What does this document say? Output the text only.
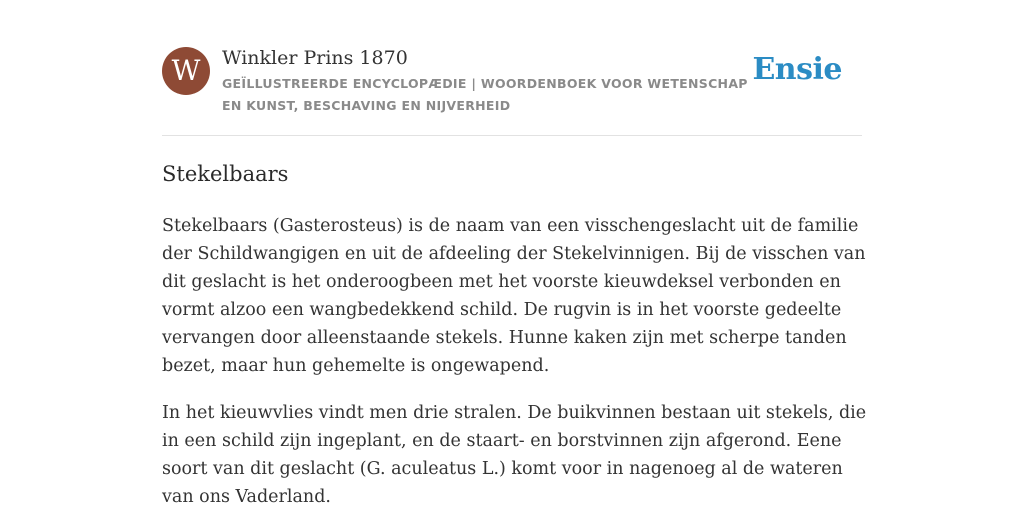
W	Winkler Prins 1870
GEÏLLUSTREERDE ENCYCLOPÆDIE | WOORDENBOEK VOOR WETENSCHAP EN KUNST, BESCHAVING EN NIJVERHEID
Ensie
Stekelbaars

Stekelbaars (Gasterosteus) is de naam van een visschengeslacht uit de familie der Schildwangigen en uit de afdeeling der Stekelvinnigen. Bij de visschen van dit geslacht is het onderoogbeen met het voorste kieuwdeksel verbonden en vormt alzoo een wangbedekkend schild. De rugvin is in het voorste gedeelte vervangen door alleenstaande stekels. Hunne kaken zijn met scherpe tanden bezet, maar hun gehemelte is ongewapend.

In het kieuwvlies vindt men drie stralen. De buikvinnen bestaan uit stekels, die in een schild zijn ingeplant, en de staart- en borstvinnen zijn afgerond. Eene soort van dit geslacht (G. aculeatus L.) komt voor in nagenoeg al de wateren van ons Vaderland.
